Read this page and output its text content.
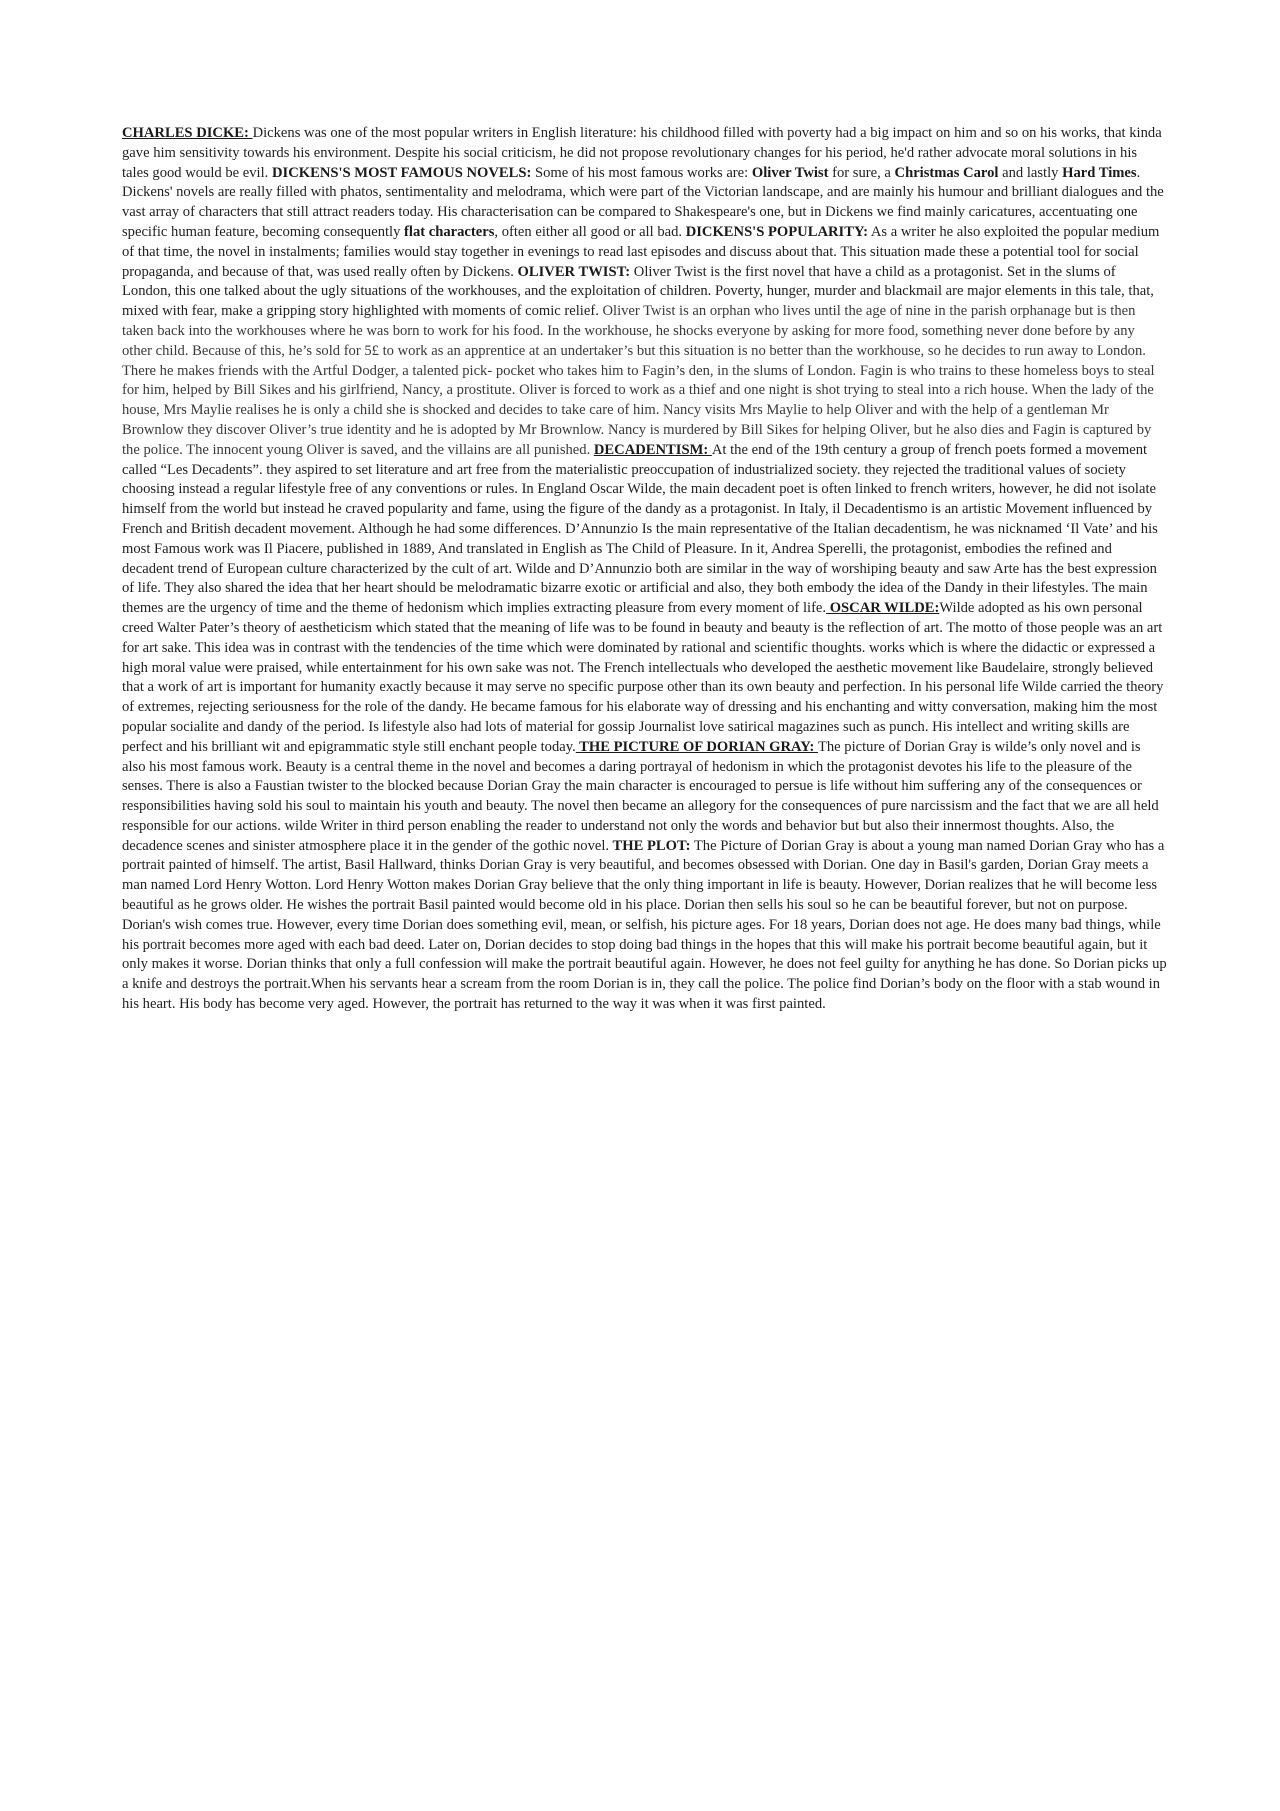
CHARLES DICKE: Dickens was one of the most popular writers in English literature: his childhood filled with poverty had a big impact on him and so on his works, that kinda gave him sensitivity towards his environment. Despite his social criticism, he did not propose revolutionary changes for his period, he'd rather advocate moral solutions in his tales good would be evil. DICKENS'S MOST FAMOUS NOVELS: Some of his most famous works are: Oliver Twist for sure, a Christmas Carol and lastly Hard Times. Dickens' novels are really filled with phatos, sentimentality and melodrama, which were part of the Victorian landscape, and are mainly his humour and brilliant dialogues and the vast array of characters that still attract readers today. His characterisation can be compared to Shakespeare's one, but in Dickens we find mainly caricatures, accentuating one specific human feature, becoming consequently flat characters, often either all good or all bad. DICKENS'S POPULARITY: As a writer he also exploited the popular medium of that time, the novel in instalments; families would stay together in evenings to read last episodes and discuss about that. This situation made these a potential tool for social propaganda, and because of that, was used really often by Dickens. OLIVER TWIST: Oliver Twist is the first novel that have a child as a protagonist. Set in the slums of London, this one talked about the ugly situations of the workhouses, and the exploitation of children. Poverty, hunger, murder and blackmail are major elements in this tale, that, mixed with fear, make a gripping story highlighted with moments of comic relief. Oliver Twist is an orphan who lives until the age of nine in the parish orphanage but is then taken back into the workhouses where he was born to work for his food. In the workhouse, he shocks everyone by asking for more food, something never done before by any other child. Because of this, he’s sold for 5£ to work as an apprentice at an undertaker’s but this situation is no better than the workhouse, so he decides to run away to London. There he makes friends with the Artful Dodger, a talented pick- pocket who takes him to Fagin’s den, in the slums of London. Fagin is who trains to these homeless boys to steal for him, helped by Bill Sikes and his girlfriend, Nancy, a prostitute. Oliver is forced to work as a thief and one night is shot trying to steal into a rich house. When the lady of the house, Mrs Maylie realises he is only a child she is shocked and decides to take care of him. Nancy visits Mrs Maylie to help Oliver and with the help of a gentleman Mr Brownlow they discover Oliver’s true identity and he is adopted by Mr Brownlow. Nancy is murdered by Bill Sikes for helping Oliver, but he also dies and Fagin is captured by the police. The innocent young Oliver is saved, and the villains are all punished. DECADENTISM: At the end of the 19th century a group of french poets formed a movement called “Les Decadents”. they aspired to set literature and art free from the materialistic preoccupation of industrialized society. they rejected the traditional values of society choosing instead a regular lifestyle free of any conventions or rules. In England Oscar Wilde, the main decadent poet is often linked to french writers, however, he did not isolate himself from the world but instead he craved popularity and fame, using the figure of the dandy as a protagonist. In Italy, il Decadentismo is an artistic Movement influenced by French and British decadent movement. Although he had some differences. D’Annunzio Is the main representative of the Italian decadentism, he was nicknamed ‘Il Vate’ and his most Famous work was Il Piacere, published in 1889, And translated in English as The Child of Pleasure. In it, Andrea Sperelli, the protagonist, embodies the refined and decadent trend of European culture characterized by the cult of art. Wilde and D’Annunzio both are similar in the way of worshiping beauty and saw Arte has the best expression of life. They also shared the idea that her heart should be melodramatic bizarre exotic or artificial and also, they both embody the idea of the Dandy in their lifestyles. The main themes are the urgency of time and the theme of hedonism which implies extracting pleasure from every moment of life. OSCAR WILDE:Wilde adopted as his own personal creed Walter Pater’s theory of aestheticism which stated that the meaning of life was to be found in beauty and beauty is the reflection of art. The motto of those people was an art for art sake. This idea was in contrast with the tendencies of the time which were dominated by rational and scientific thoughts. works which is where the didactic or expressed a high moral value were praised, while entertainment for his own sake was not. The French intellectuals who developed the aesthetic movement like Baudelaire, strongly believed that a work of art is important for humanity exactly because it may serve no specific purpose other than its own beauty and perfection. In his personal life Wilde carried the theory of extremes, rejecting seriousness for the role of the dandy. He became famous for his elaborate way of dressing and his enchanting and witty conversation, making him the most popular socialite and dandy of the period. Is lifestyle also had lots of material for gossip Journalist love satirical magazines such as punch. His intellect and writing skills are perfect and his brilliant wit and epigrammatic style still enchant people today. THE PICTURE OF DORIAN GRAY: The picture of Dorian Gray is wilde’s only novel and is also his most famous work. Beauty is a central theme in the novel and becomes a daring portrayal of hedonism in which the protagonist devotes his life to the pleasure of the senses. There is also a Faustian twister to the blocked because Dorian Gray the main character is encouraged to persue is life without him suffering any of the consequences or responsibilities having sold his soul to maintain his youth and beauty. The novel then became an allegory for the consequences of pure narcissism and the fact that we are all held responsible for our actions. wilde Writer in third person enabling the reader to understand not only the words and behavior but but also their innermost thoughts. Also, the decadence scenes and sinister atmosphere place it in the gender of the gothic novel. THE PLOT: The Picture of Dorian Gray is about a young man named Dorian Gray who has a portrait painted of himself. The artist, Basil Hallward, thinks Dorian Gray is very beautiful, and becomes obsessed with Dorian. One day in Basil's garden, Dorian Gray meets a man named Lord Henry Wotton. Lord Henry Wotton makes Dorian Gray believe that the only thing important in life is beauty. However, Dorian realizes that he will become less beautiful as he grows older. He wishes the portrait Basil painted would become old in his place. Dorian then sells his soul so he can be beautiful forever, but not on purpose. Dorian's wish comes true. However, every time Dorian does something evil, mean, or selfish, his picture ages. For 18 years, Dorian does not age. He does many bad things, while his portrait becomes more aged with each bad deed. Later on, Dorian decides to stop doing bad things in the hopes that this will make his portrait become beautiful again, but it only makes it worse. Dorian thinks that only a full confession will make the portrait beautiful again. However, he does not feel guilty for anything he has done. So Dorian picks up a knife and destroys the portrait.When his servants hear a scream from the room Dorian is in, they call the police. The police find Dorian’s body on the floor with a stab wound in his heart. His body has become very aged. However, the portrait has returned to the way it was when it was first painted.
